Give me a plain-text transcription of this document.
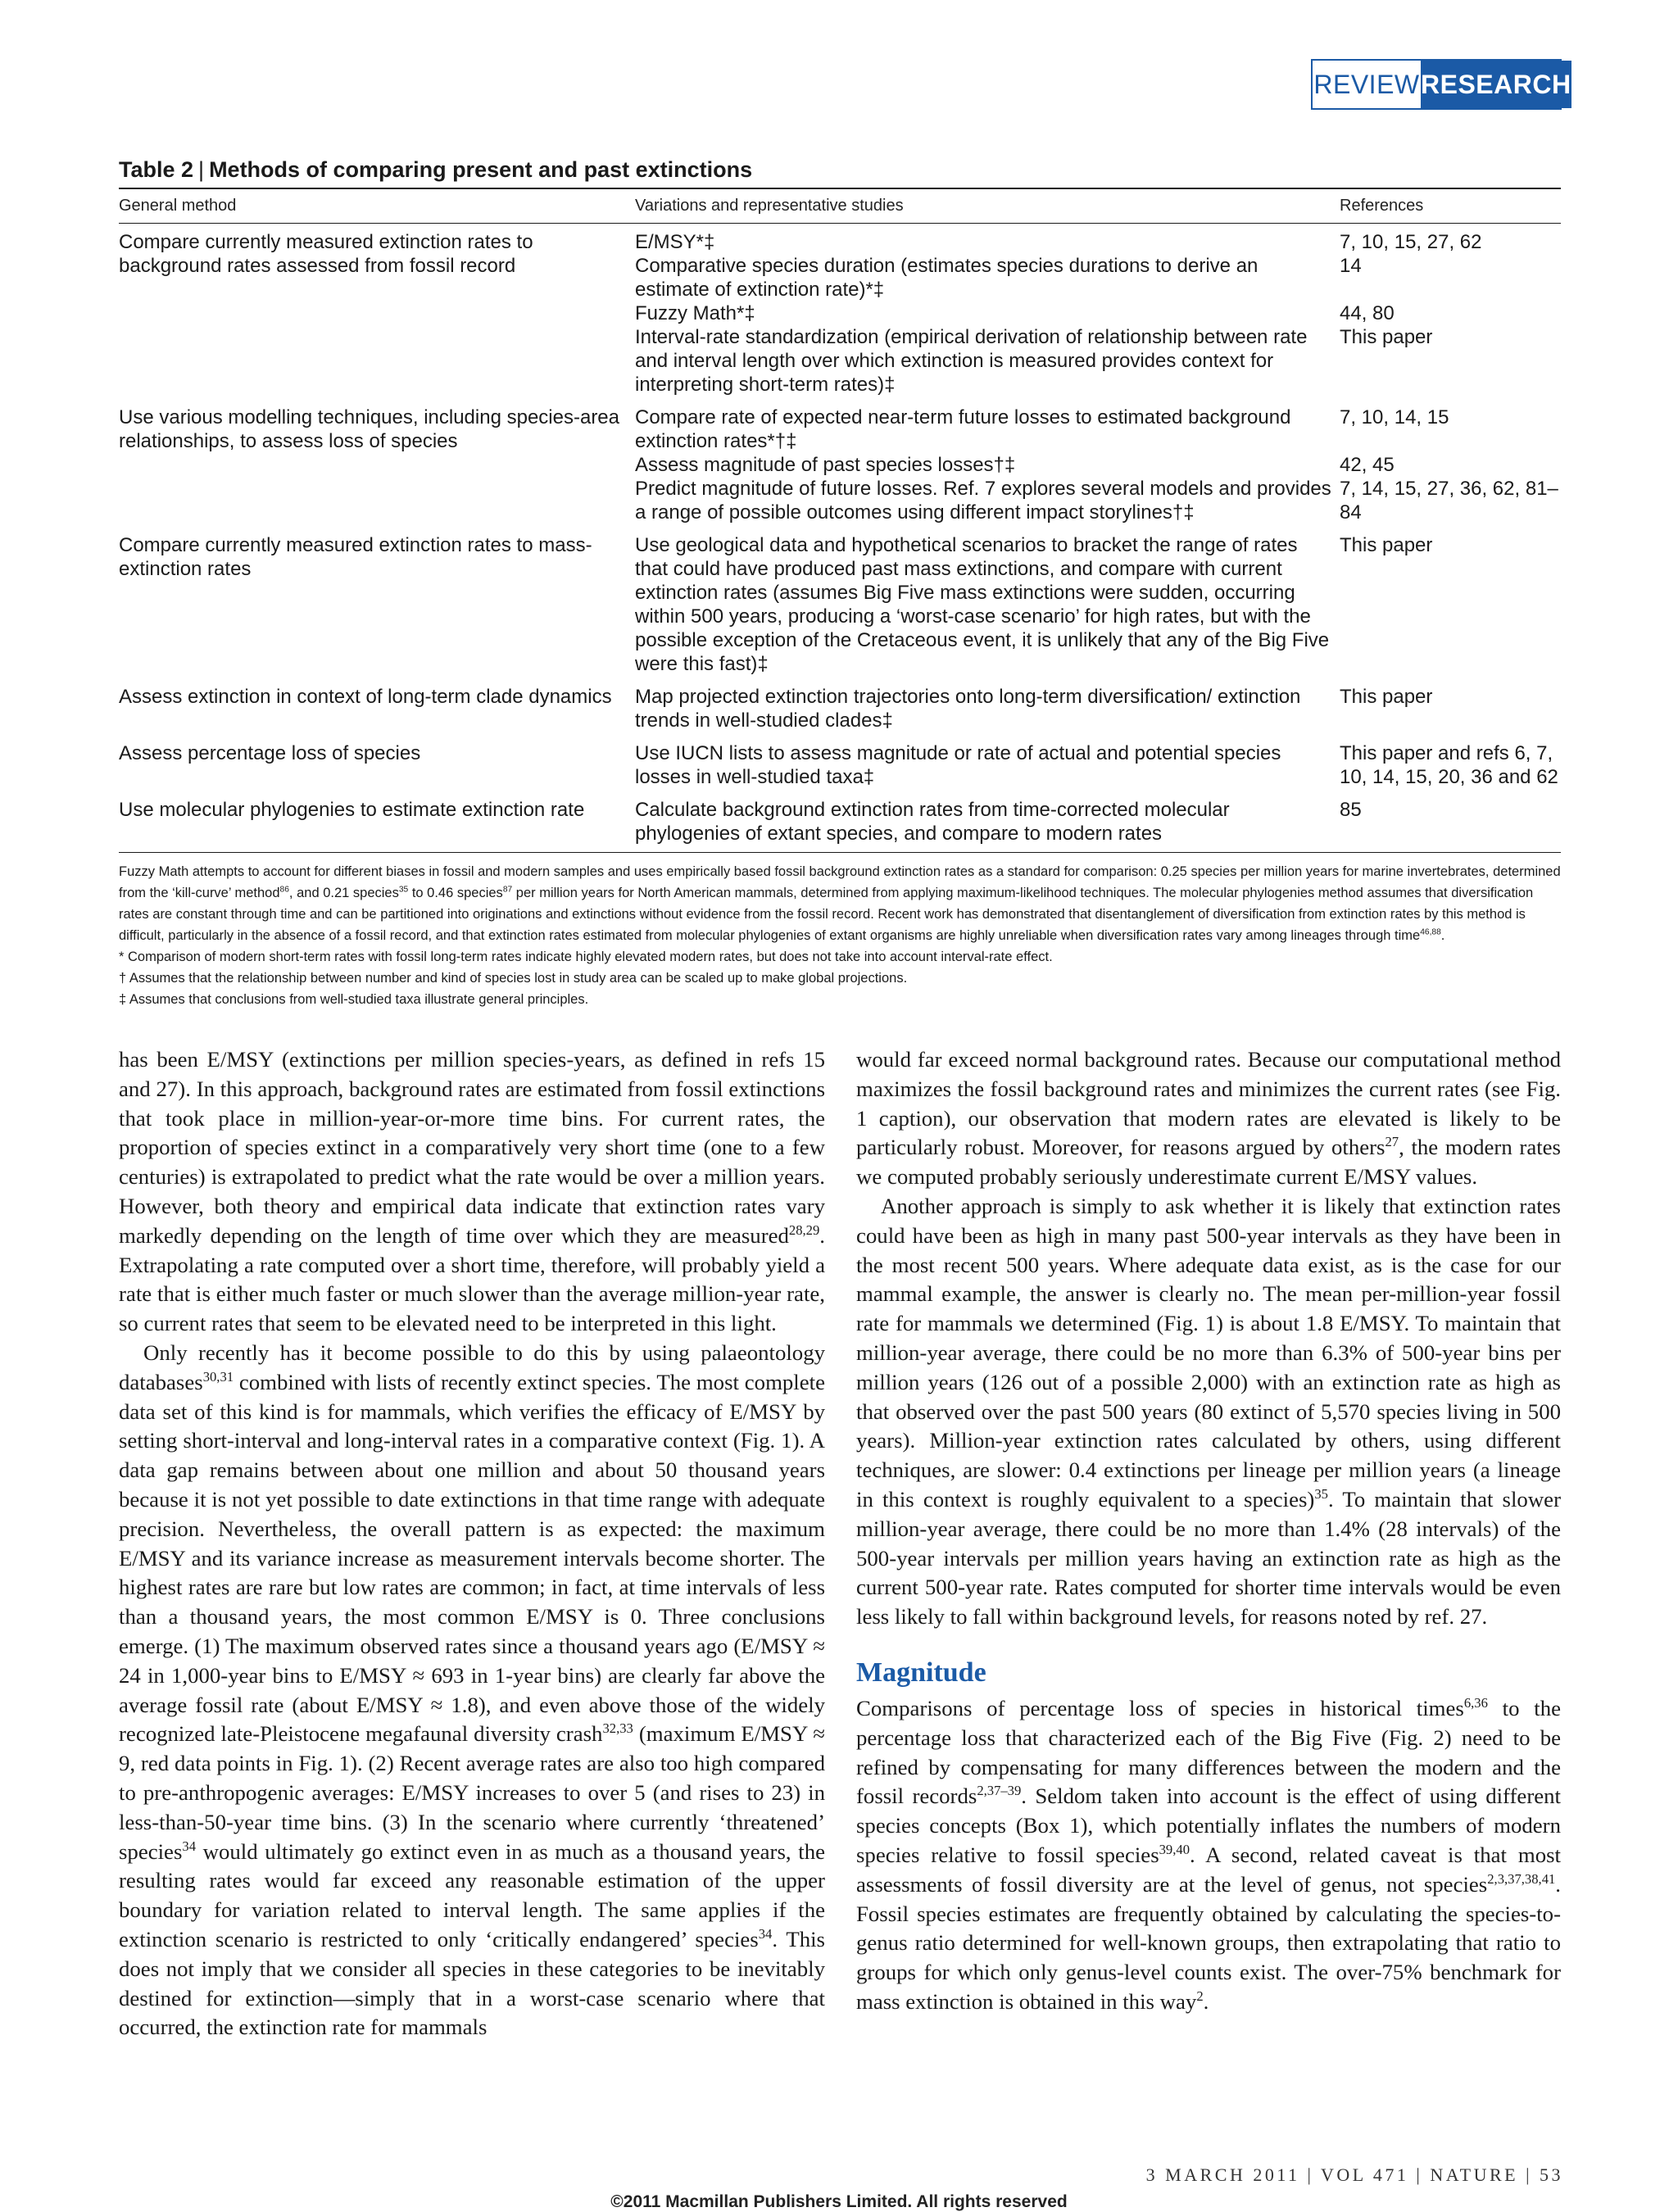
REVIEW RESEARCH
Table 2 | Methods of comparing present and past extinctions
General method	Variations and representative studies	References
Compare currently measured extinction rates to background rates assessed from fossil record	E/MSY*‡	7, 10, 15, 27, 62
	Comparative species duration (estimates species durations to derive an estimate of extinction rate)*‡	14
	Fuzzy Math*‡	44, 80
	Interval-rate standardization (empirical derivation of relationship between rate and interval length over which extinction is measured provides context for interpreting short-term rates)‡	This paper
Use various modelling techniques, including species-area relationships, to assess loss of species	Compare rate of expected near-term future losses to estimated background extinction rates*†‡	7, 10, 14, 15
	Assess magnitude of past species losses†‡	42, 45
	Predict magnitude of future losses. Ref. 7 explores several models and provides a range of possible outcomes using different impact storylines†‡	7, 14, 15, 27, 36, 62, 81–84
Compare currently measured extinction rates to mass-extinction rates	Use geological data and hypothetical scenarios to bracket the range of rates that could have produced past mass extinctions, and compare with current extinction rates (assumes Big Five mass extinctions were sudden, occurring within 500 years, producing a ‘worst-case scenario’ for high rates, but with the possible exception of the Cretaceous event, it is unlikely that any of the Big Five were this fast)‡	This paper
Assess extinction in context of long-term clade dynamics	Map projected extinction trajectories onto long-term diversification/ extinction trends in well-studied clades‡	This paper
Assess percentage loss of species	Use IUCN lists to assess magnitude or rate of actual and potential species losses in well-studied taxa‡	This paper and refs 6, 7, 10, 14, 15, 20, 36 and 62
Use molecular phylogenies to estimate extinction rate	Calculate background extinction rates from time-corrected molecular phylogenies of extant species, and compare to modern rates	85

Fuzzy Math attempts to account for different biases in fossil and modern samples and uses empirically based fossil background extinction rates as a standard for comparison: 0.25 species per million years for marine invertebrates, determined from the ‘kill-curve’ method$^{86}$, and 0.21 species$^{35}$ to 0.46 species$^{87}$ per million years for North American mammals, determined from applying maximum-likelihood techniques. The molecular phylogenies method assumes that diversification rates are constant through time and can be partitioned into originations and extinctions without evidence from the fossil record. Recent work has demonstrated that disentanglement of diversification from extinction rates by this method is difficult, particularly in the absence of a fossil record, and that extinction rates estimated from molecular phylogenies of extant organisms are highly unreliable when diversification rates vary among lineages through time$^{46,88}$.

* Comparison of modern short-term rates with fossil long-term rates indicate highly elevated modern rates, but does not take into account interval-rate effect.

† Assumes that the relationship between number and kind of species lost in study area can be scaled up to make global projections.

‡ Assumes that conclusions from well-studied taxa illustrate general principles.

has been E/MSY (extinctions per million species-years, as defined in refs 15 and 27). In this approach, background rates are estimated from fossil extinctions that took place in million-year-or-more time bins. For current rates, the proportion of species extinct in a comparatively very short time (one to a few centuries) is extrapolated to predict what the rate would be over a million years. However, both theory and empirical data indicate that extinction rates vary markedly depending on the length of time over which they are measured$^{28,29}$. Extrapolating a rate computed over a short time, therefore, will probably yield a rate that is either much faster or much slower than the average million-year rate, so current rates that seem to be elevated need to be interpreted in this light.

Only recently has it become possible to do this by using palaeontology databases$^{30,31}$ combined with lists of recently extinct species. The most complete data set of this kind is for mammals, which verifies the efficacy of E/MSY by setting short-interval and long-interval rates in a comparative context (Fig. 1). A data gap remains between about one million and about 50 thousand years because it is not yet possible to date extinctions in that time range with adequate precision. Nevertheless, the overall pattern is as expected: the maximum E/MSY and its variance increase as measurement intervals become shorter. The highest rates are rare but low rates are common; in fact, at time intervals of less than a thousand years, the most common E/MSY is 0. Three conclusions emerge. (1) The maximum observed rates since a thousand years ago (E/MSY ≈ 24 in 1,000-year bins to E/MSY ≈ 693 in 1-year bins) are clearly far above the average fossil rate (about E/MSY ≈ 1.8), and even above those of the widely recognized late-Pleistocene megafaunal diversity crash$^{32,33}$ (maximum E/MSY ≈ 9, red data points in Fig. 1). (2) Recent average rates are also too high compared to pre-anthropogenic averages: E/MSY increases to over 5 (and rises to 23) in less-than-50-year time bins. (3) In the scenario where currently ‘threatened’ species$^{34}$ would ultimately go extinct even in as much as a thousand years, the resulting rates would far exceed any reasonable estimation of the upper boundary for variation related to interval length. The same applies if the extinction scenario is restricted to only ‘critically endangered’ species$^{34}$. This does not imply that we consider all species in these categories to be inevitably destined for extinction—simply that in a worst-case scenario where that occurred, the extinction rate for mammals

would far exceed normal background rates. Because our computational method maximizes the fossil background rates and minimizes the current rates (see Fig. 1 caption), our observation that modern rates are elevated is likely to be particularly robust. Moreover, for reasons argued by others$^{27}$, the modern rates we computed probably seriously underestimate current E/MSY values.

Another approach is simply to ask whether it is likely that extinction rates could have been as high in many past 500-year intervals as they have been in the most recent 500 years. Where adequate data exist, as is the case for our mammal example, the answer is clearly no. The mean per-million-year fossil rate for mammals we determined (Fig. 1) is about 1.8 E/MSY. To maintain that million-year average, there could be no more than 6.3% of 500-year bins per million years (126 out of a possible 2,000) with an extinction rate as high as that observed over the past 500 years (80 extinct of 5,570 species living in 500 years). Million-year extinction rates calculated by others, using different techniques, are slower: 0.4 extinctions per lineage per million years (a lineage in this context is roughly equivalent to a species)$^{35}$. To maintain that slower million-year average, there could be no more than 1.4% (28 intervals) of the 500-year intervals per million years having an extinction rate as high as the current 500-year rate. Rates computed for shorter time intervals would be even less likely to fall within background levels, for reasons noted by ref. 27.

Magnitude

Comparisons of percentage loss of species in historical times$^{6,36}$ to the percentage loss that characterized each of the Big Five (Fig. 2) need to be refined by compensating for many differences between the modern and the fossil records$^{2,37-39}$. Seldom taken into account is the effect of using different species concepts (Box 1), which potentially inflates the numbers of modern species relative to fossil species$^{39,40}$. A second, related caveat is that most assessments of fossil diversity are at the level of genus, not species$^{2,3,37,38,41}$. Fossil species estimates are frequently obtained by calculating the species-to-genus ratio determined for well-known groups, then extrapolating that ratio to groups for which only genus-level counts exist. The over-75% benchmark for mass extinction is obtained in this way$^2$.

3 MARCH 2011 | VOL 471 | NATURE | 53
©2011 Macmillan Publishers Limited. All rights reserved
